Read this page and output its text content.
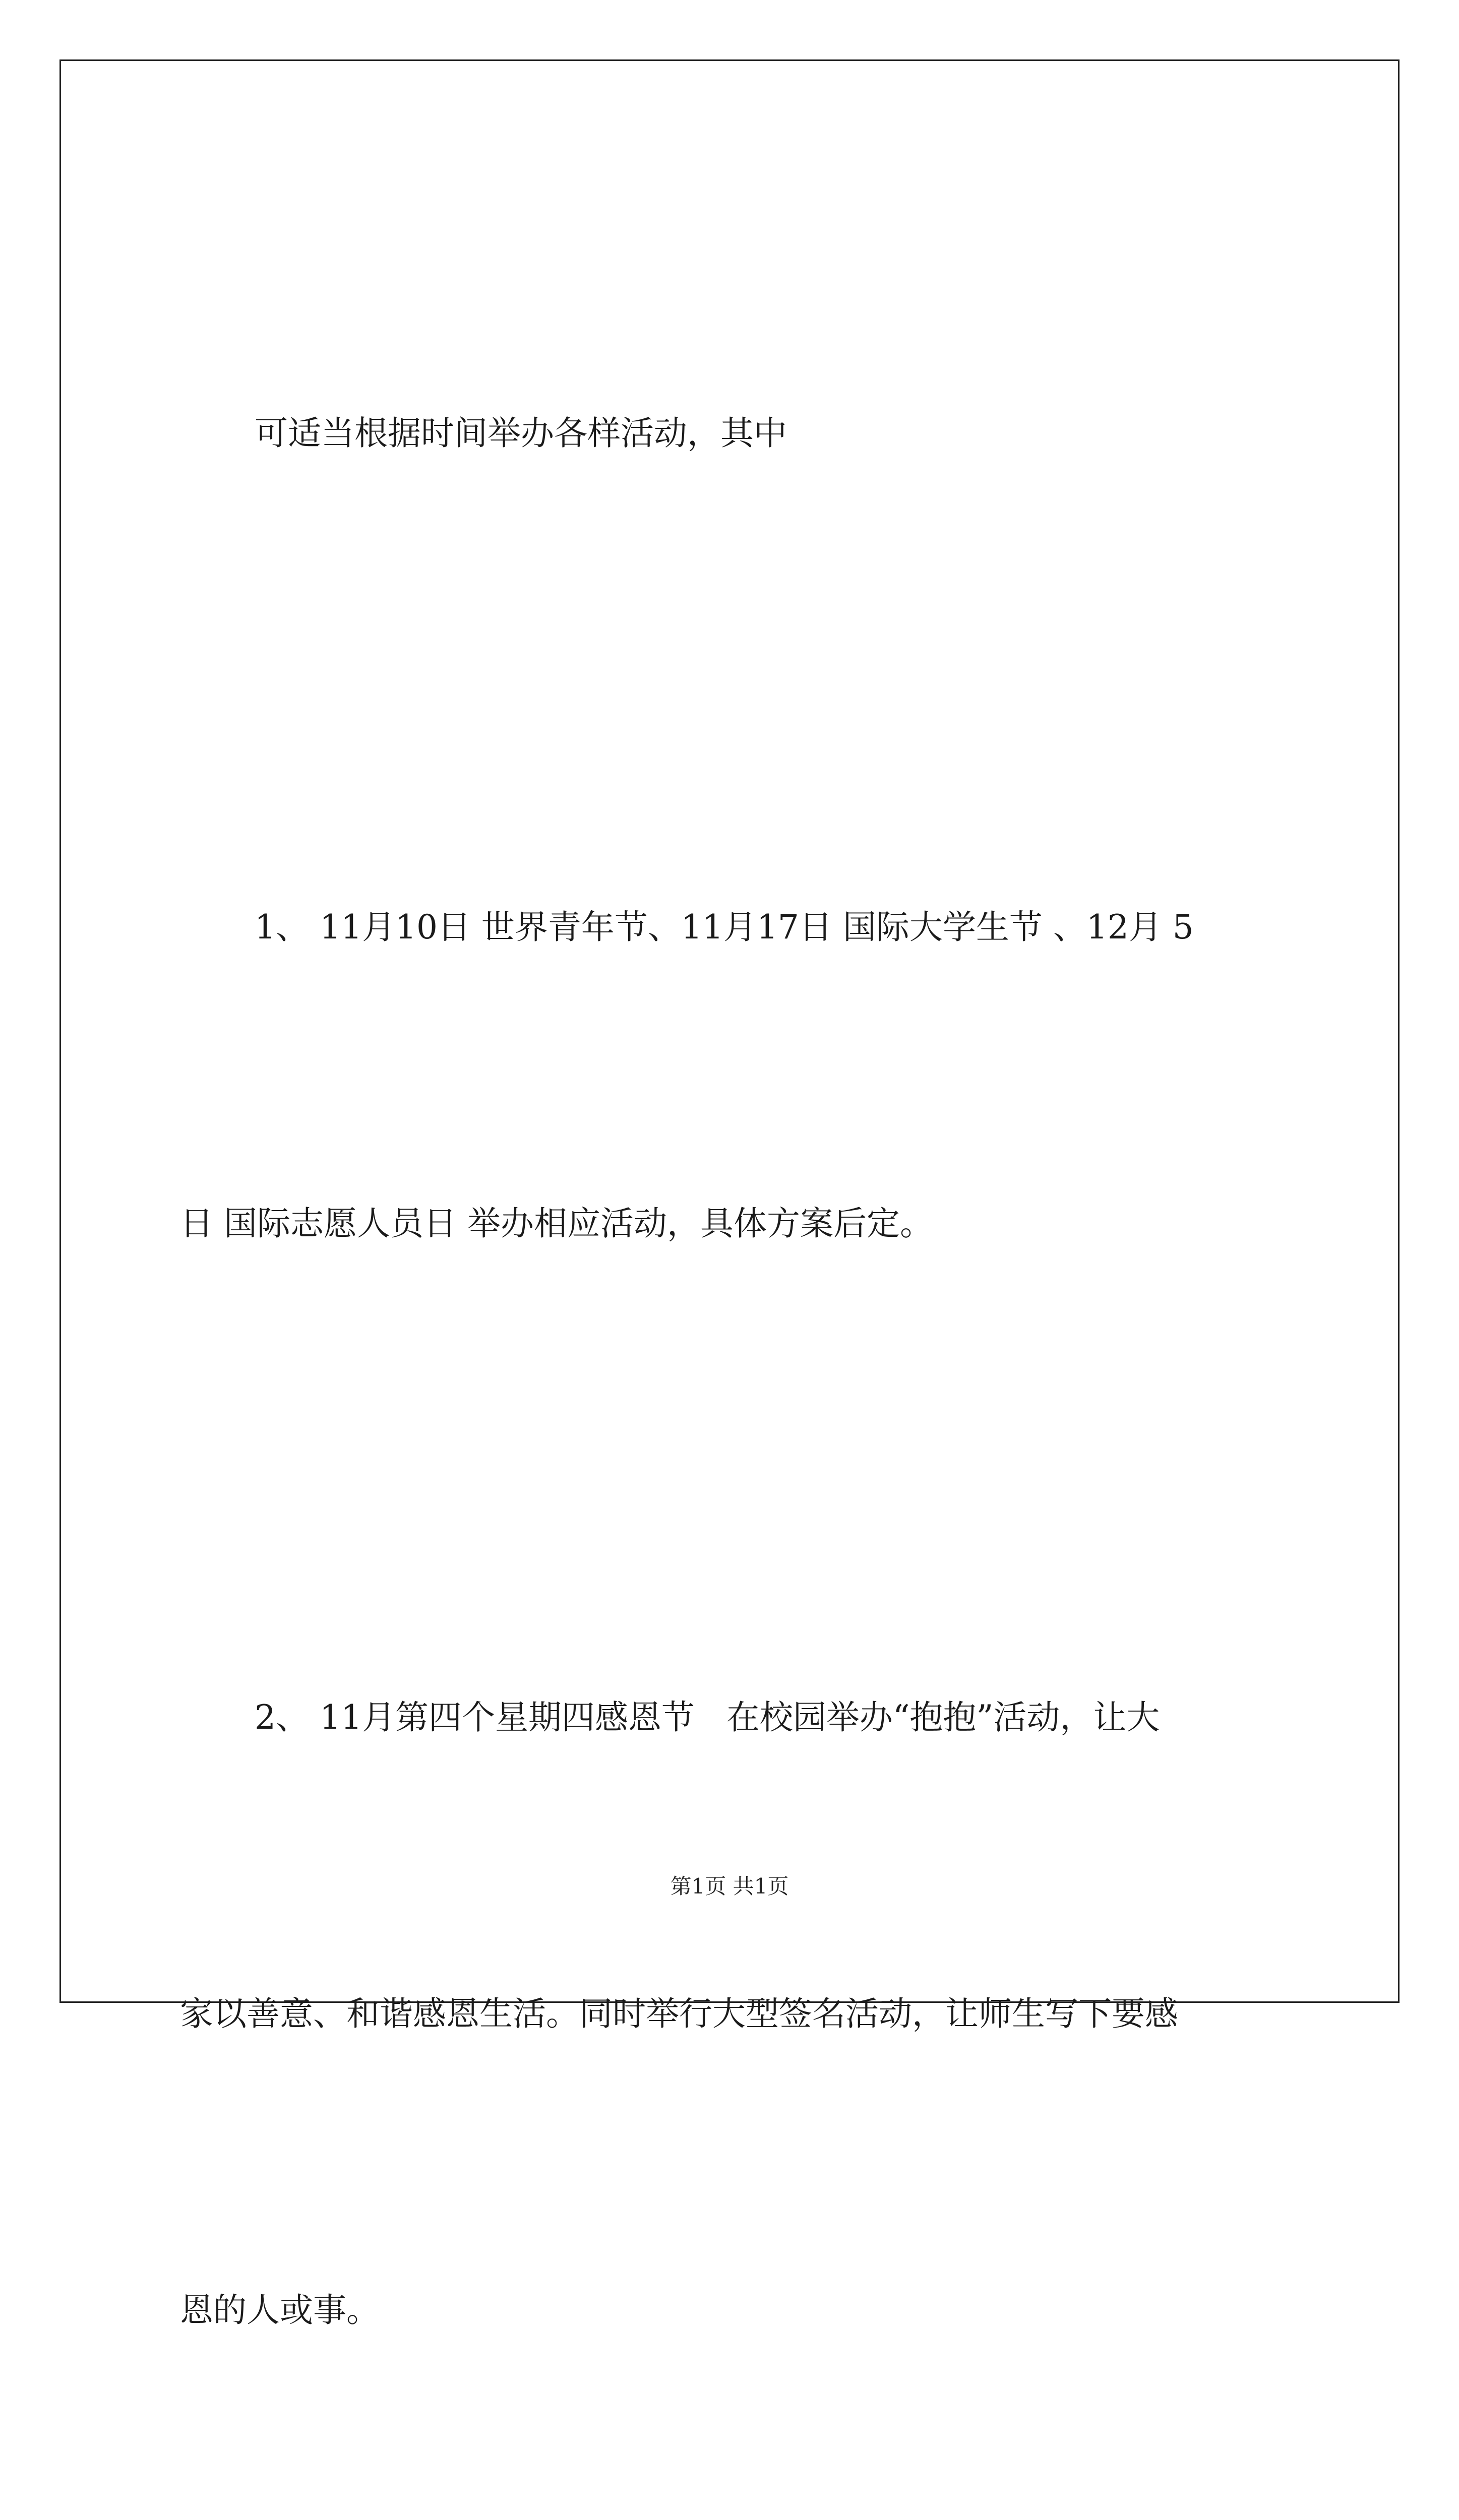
可适当根据时间举办各样活动，其中

1、 11月10日 世界青年节、11月17日 国际大学生节 、12月 5

日 国际志愿人员日 举办相应活动，具体方案后定。

2、 11月第四个星期四感恩节   在校园举办“抱抱”活动，让大

家以善意、和谐感恩生活。同时举行大型签名活动，让师生写下要感

恩的人或事。

第1页 共1页
